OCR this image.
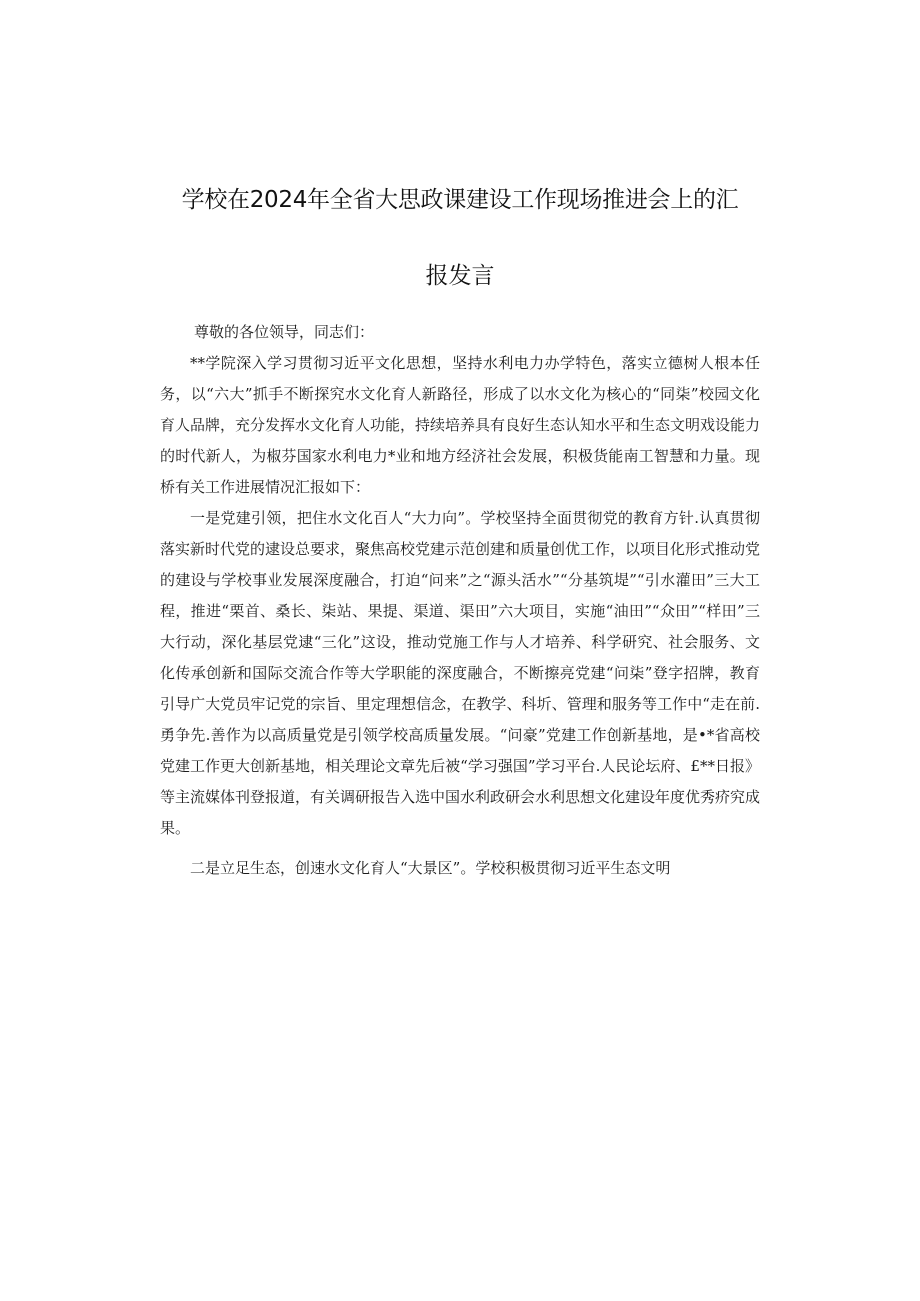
学校在2024年全省大思政课建设工作现场推进会上的汇
报发言

尊敬的各位领导，同志们：

**学院深入学习贯彻习近平文化思想，坚持水利电力办学特色，落实立德树人根本任务，以“六大”抓手不断探究水文化育人新路径，形成了以水文化为核心的“同柒”校园文化育人品牌，充分发挥水文化育人功能，持续培养具有良好生态认知水平和生态文明戏设能力的时代新人，为椒芬国家水利电力*业和地方经济社会发展，积极货能南工智慧和力量。现桥有关工作进展情况汇报如下：

一是党建引领，把住水文化百人“大力向”。学校坚持全面贯彻党的教育方针.认真贯彻落实新时代党的逮设总要求，聚焦高校党建示范创建和质量创优工作，以项目化形式推动党的建设与学校事业发展深度融合，打迫“问来”之“源头活水”“分基筑堤”“引水灌田”三大工程，推进“栗首、桑长、柒站、果提、渠道、渠田”六大项目，实施“油田”“众田”“样田”三大行动，深化基层党逮“三化”这设，推动党施工作与人才培养、科学研究、社会服务、文化传承创新和国际交流合作等大学职能的深度融合，不断擦亮党建“问柒”登字招牌，教育引导广大党员牢记党的宗旨、里定理想信念，在教学、科圻、管理和服务等工作中“走在前.勇争先.善作为以高质量党是引领学校高质量发展。“问豪”党建工作创新基地，是•*省高校党建工作更大创新基地，相关理论文章先后被“学习强国”学习平台.人民论坛府、£**日报》等主流媒体刊登报道，有关调研报告入选中国水利政研会水利思想文化建设年度优秀疥究成果。

二是立足生态，创速水文化育人“大景区”。学校积极贯彻习近平生态文明
